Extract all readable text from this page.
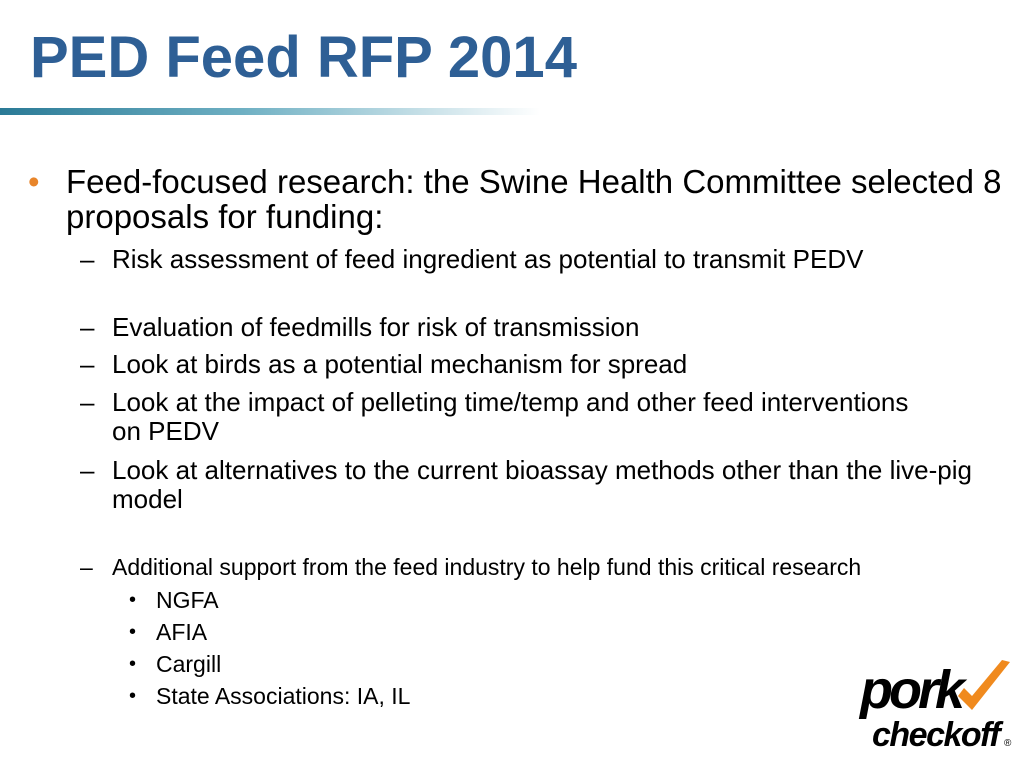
PED Feed RFP 2014
• Feed-focused research: the Swine Health Committee selected 8 proposals for funding:
– Risk assessment of feed ingredient as potential to transmit PEDV
– Evaluation of feedmills for risk of transmission
– Look at birds as a potential mechanism for spread
– Look at the impact of pelleting time/temp and other feed interventions on PEDV
– Look at alternatives to the current bioassay methods other than the live-pig model
– Additional support from the feed industry to help fund this critical research
• NGFA
• AFIA
• Cargill
• State Associations: IA, IL	pork
checkoff ®
